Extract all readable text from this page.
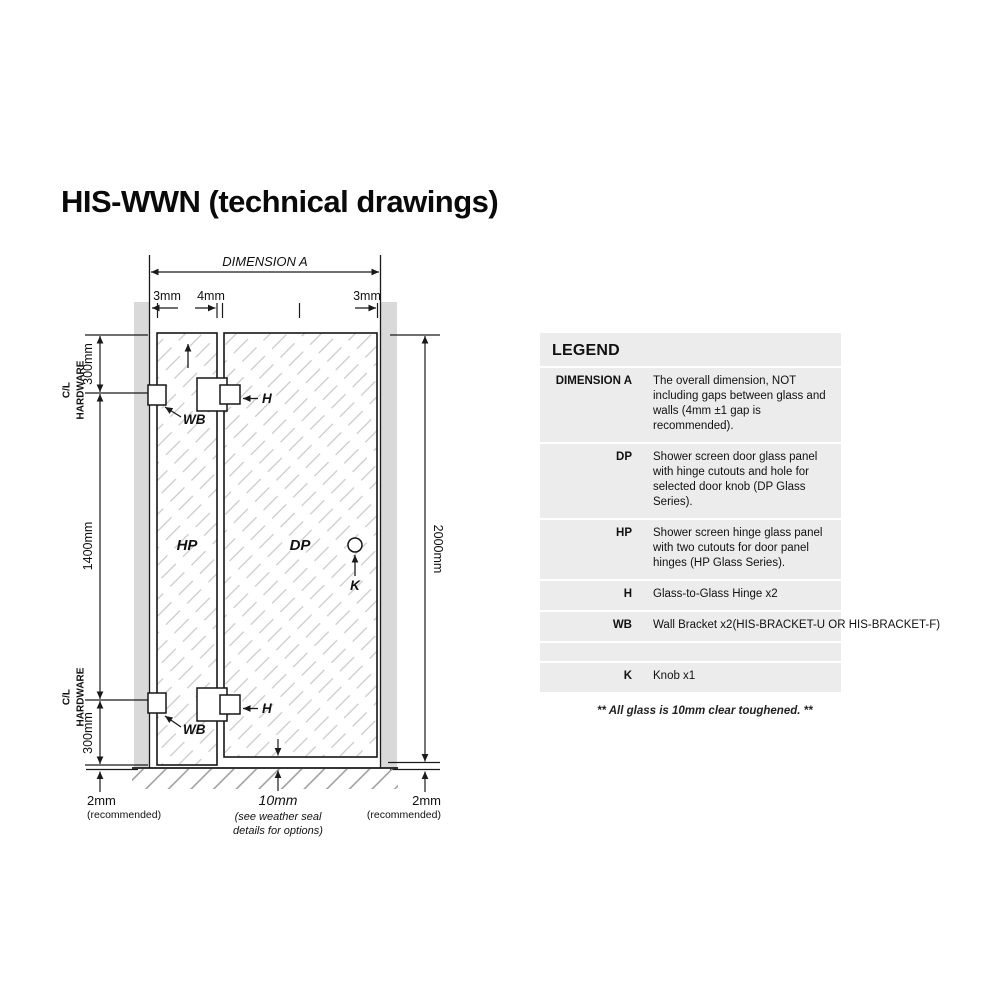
HIS-WWN (technical drawings)
DIMENSION A
3mm 4mm	3mm
HP	DP
300mm
1400mm
300mm
C/L HARDWARE
C/L HARDWARE
2mm
(recommended)
2000mm
2mm
(recommended)
10mm
(see weather seal
details for options)
H
H
WB
WB
K
LEGEND
DIMENSION A The overall dimension, NOT including gaps between glass and walls (4mm ±1 gap is recommended).
DP Shower screen door glass panel with hinge cutouts and hole for selected door knob (DP Glass Series).
HP Shower screen hinge glass panel with two cutouts for door panel hinges (HP Glass Series).
H Glass-to-Glass Hinge x2
WB Wall Bracket x2(HIS-BRACKET-U OR HIS-BRACKET-F)
K Knob x1
** All glass is 10mm clear toughened. **
